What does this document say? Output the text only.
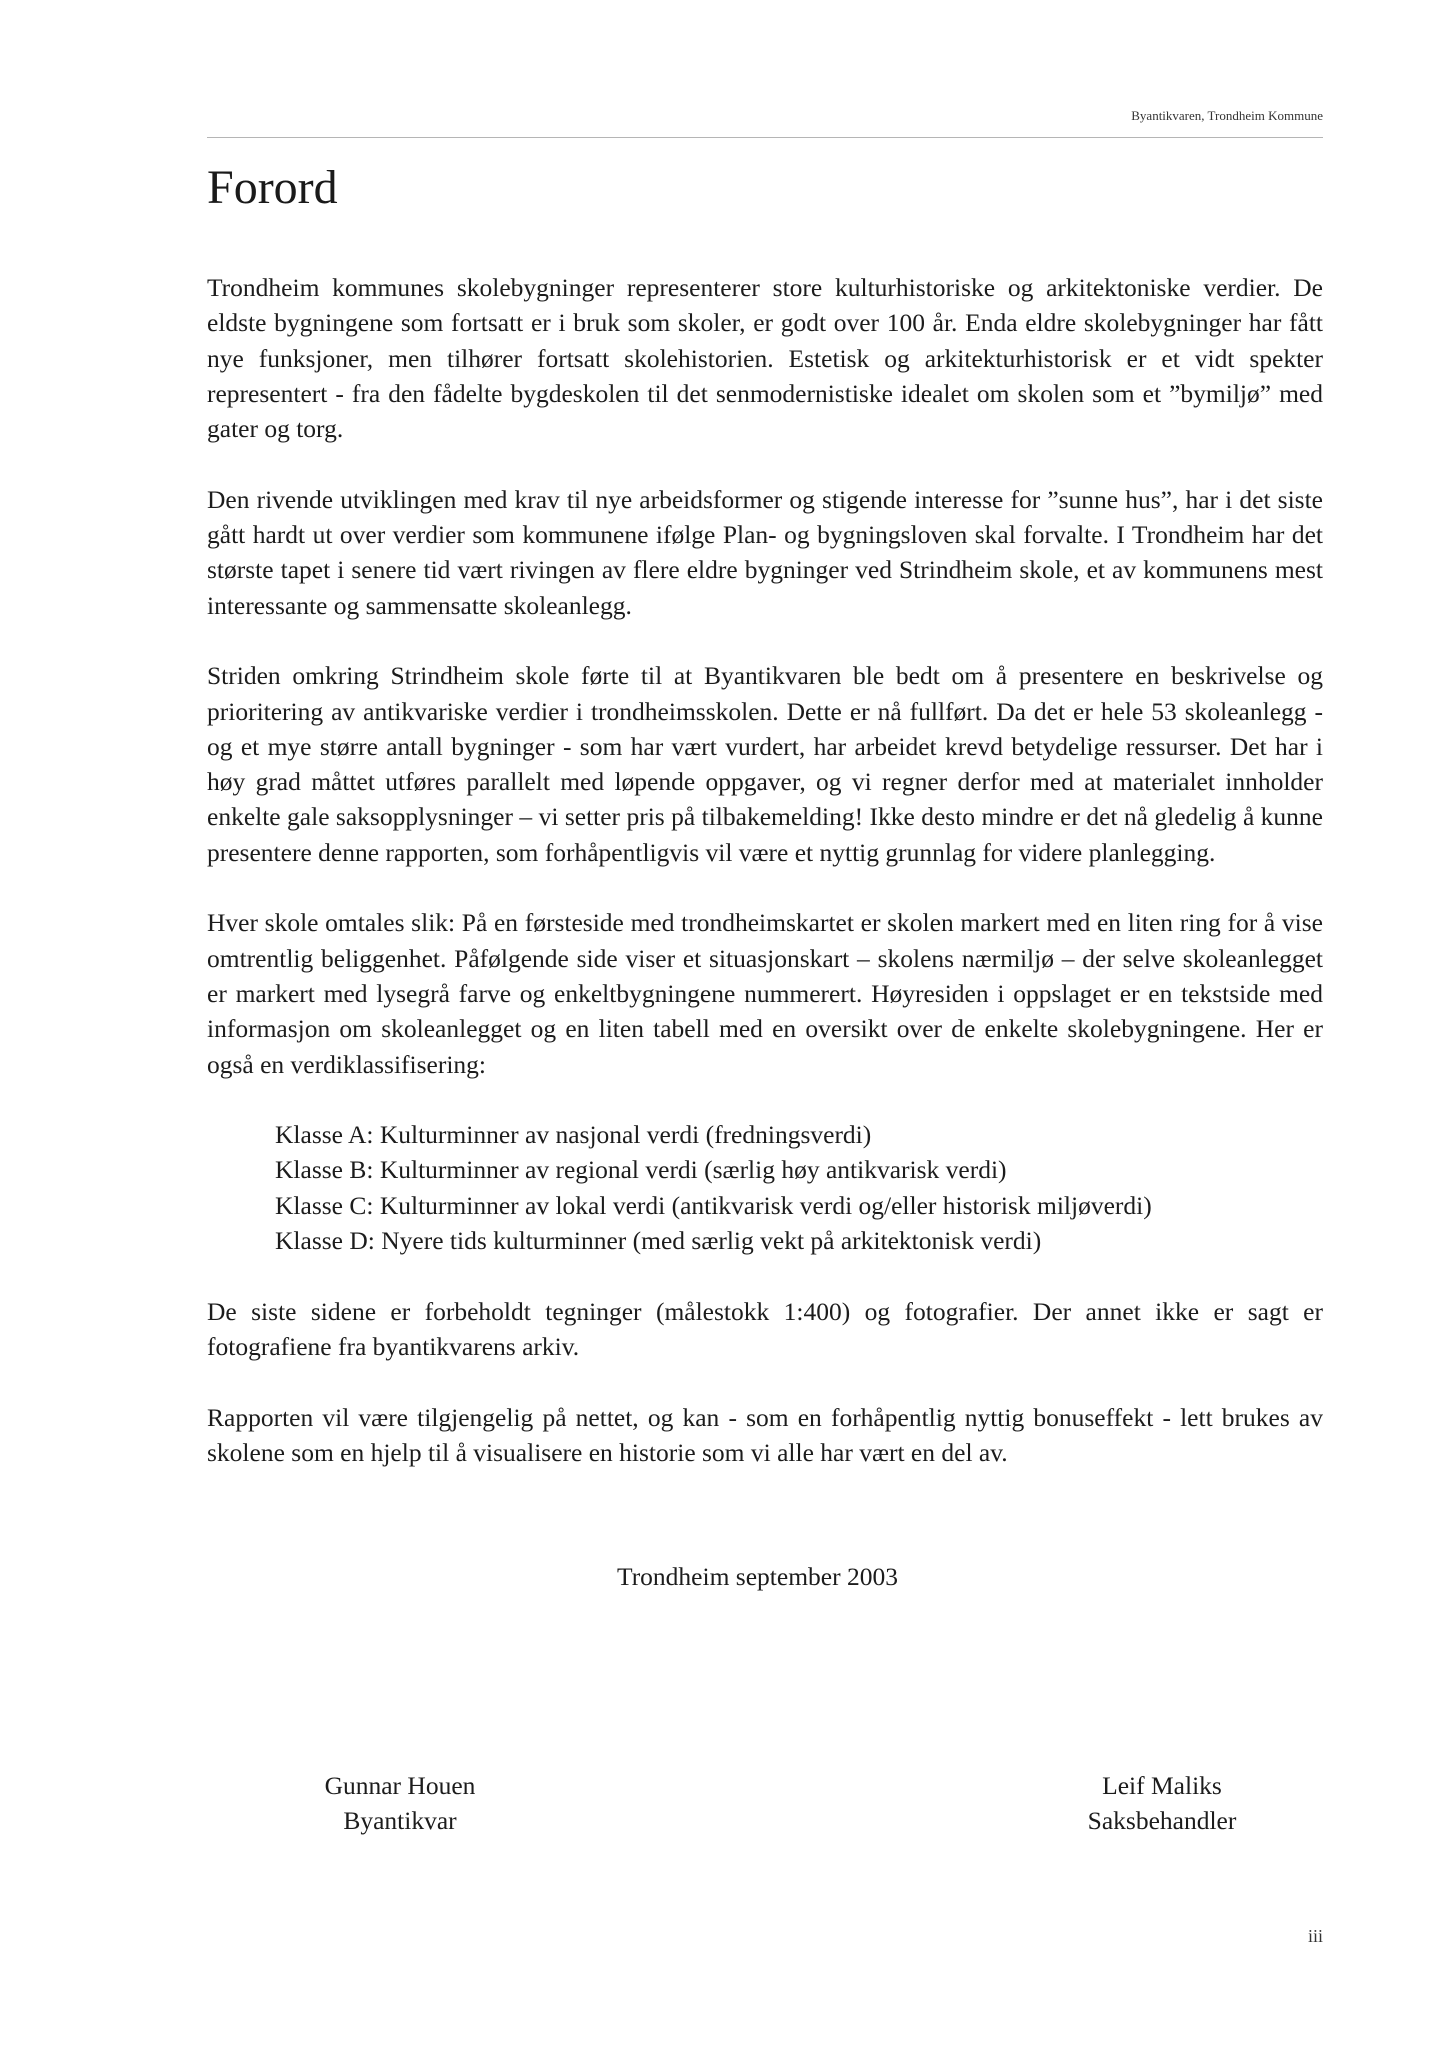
Byantikvaren, Trondheim Kommune
Forord

Trondheim kommunes skolebygninger representerer store kulturhistoriske og arkitektoniske verdier. De eldste bygningene som fortsatt er i bruk som skoler, er godt over 100 år. Enda eldre skolebygninger har fått nye funksjoner, men tilhører fortsatt skolehistorien. Estetisk og arkitekturhistorisk er et vidt spekter representert - fra den fådelte bygdeskolen til det senmodernistiske idealet om skolen som et ”bymiljø” med gater og torg.

Den rivende utviklingen med krav til nye arbeidsformer og stigende interesse for ”sunne hus”, har i det siste gått hardt ut over verdier som kommunene ifølge Plan- og bygningsloven skal forvalte. I Trondheim har det største tapet i senere tid vært rivingen av flere eldre bygninger ved Strindheim skole, et av kommunens mest interessante og sammensatte skoleanlegg.

Striden omkring Strindheim skole førte til at Byantikvaren ble bedt om å presentere en beskrivelse og prioritering av antikvariske verdier i trondheimsskolen. Dette er nå fullført. Da det er hele 53 skoleanlegg - og et mye større antall bygninger - som har vært vurdert, har arbeidet krevd betydelige ressurser. Det har i høy grad måttet utføres parallelt med løpende oppgaver, og vi regner derfor med at materialet innholder enkelte gale saksopplysninger – vi setter pris på tilbakemelding! Ikke desto mindre er det nå gledelig å kunne presentere denne rapporten, som forhåpentligvis vil være et nyttig grunnlag for videre planlegging.

Hver skole omtales slik: På en førsteside med trondheimskartet er skolen markert med en liten ring for å vise omtrentlig beliggenhet. Påfølgende side viser et situasjonskart – skolens nærmiljø – der selve skoleanlegget er markert med lysegrå farve og enkeltbygningene nummerert. Høyresiden i oppslaget er en tekstside med informasjon om skoleanlegget og en liten tabell med en oversikt over de enkelte skolebygningene. Her er også en verdiklassifisering:

Klasse A: Kulturminner av nasjonal verdi (fredningsverdi)
Klasse B: Kulturminner av regional verdi (særlig høy antikvarisk verdi)
Klasse C: Kulturminner av lokal verdi (antikvarisk verdi og/eller historisk miljøverdi)
Klasse D: Nyere tids kulturminner (med særlig vekt på arkitektonisk verdi)

De siste sidene er forbeholdt tegninger (målestokk 1:400) og fotografier. Der annet ikke er sagt er fotografiene fra byantikvarens arkiv.

Rapporten vil være tilgjengelig på nettet, og kan - som en forhåpentlig nyttig bonuseffekt - lett brukes av skolene som en hjelp til å visualisere en historie som vi alle har vært en del av.

Trondheim september 2003
Gunnar Houen
Byantikvar
Leif Maliks
Saksbehandler
iii
